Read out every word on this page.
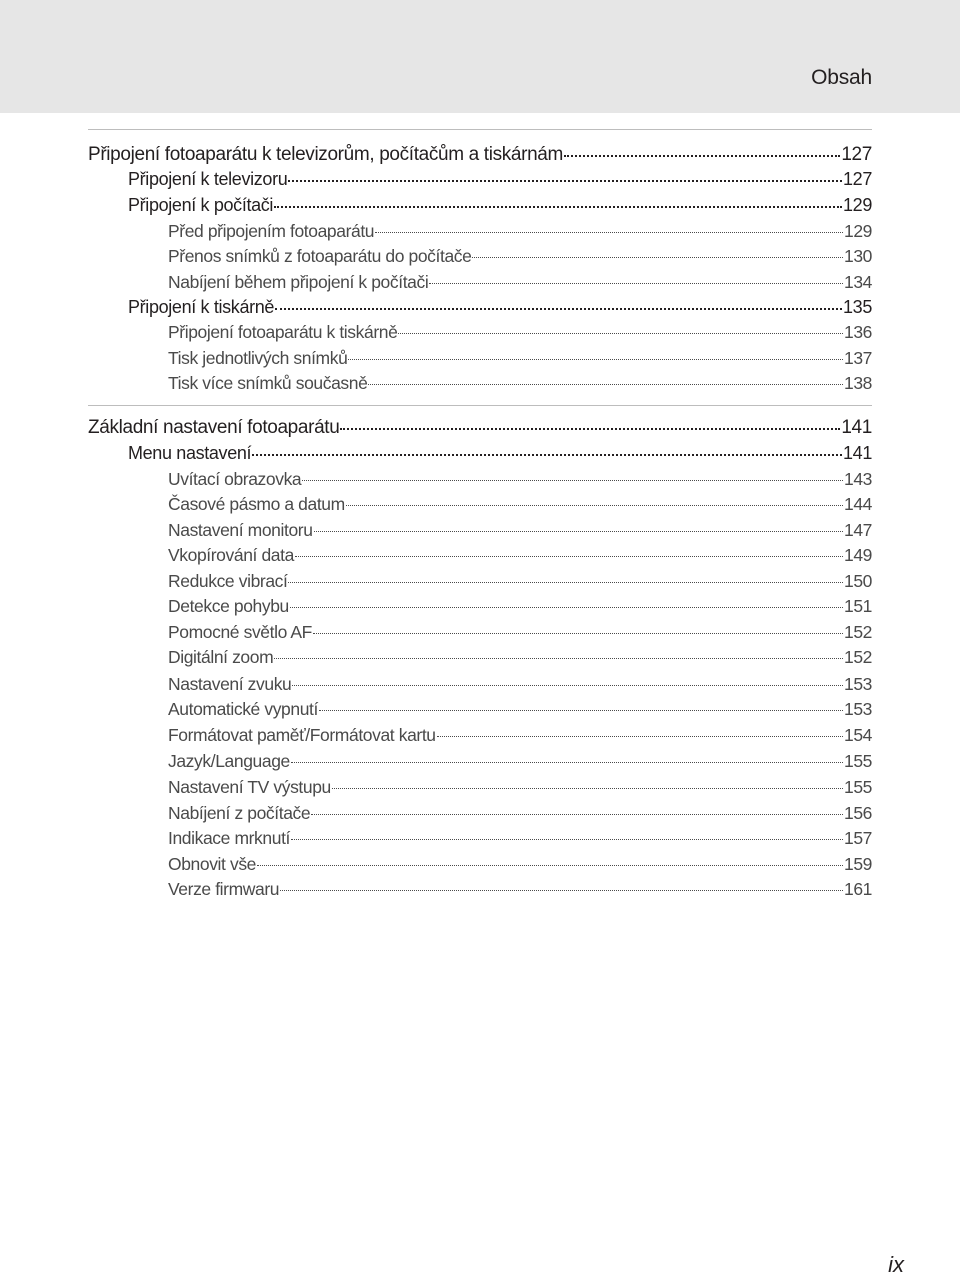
Obsah
Připojení fotoaparátu k televizorům, počítačům a tiskárnám	127
Připojení k televizoru	127
Připojení k počítači	129
Před připojením fotoaparátu	129
Přenos snímků z fotoaparátu do počítače	130
Nabíjení během připojení k počítači	134
Připojení k tiskárně	135
Připojení fotoaparátu k tiskárně	136
Tisk jednotlivých snímků	137
Tisk více snímků současně	138
Základní nastavení fotoaparátu	141
Menu nastavení	141
Uvítací obrazovka	143
Časové pásmo a datum	144
Nastavení monitoru	147
Vkopírování data	149
Redukce vibrací	150
Detekce pohybu	151
Pomocné světlo AF	152
Digitální zoom	152
Nastavení zvuku	153
Automatické vypnutí	153
Formátovat paměť/Formátovat kartu	154
Jazyk/Language	155
Nastavení TV výstupu	155
Nabíjení z počítače	156
Indikace mrknutí	157
Obnovit vše	159
Verze firmwaru	161
ix
